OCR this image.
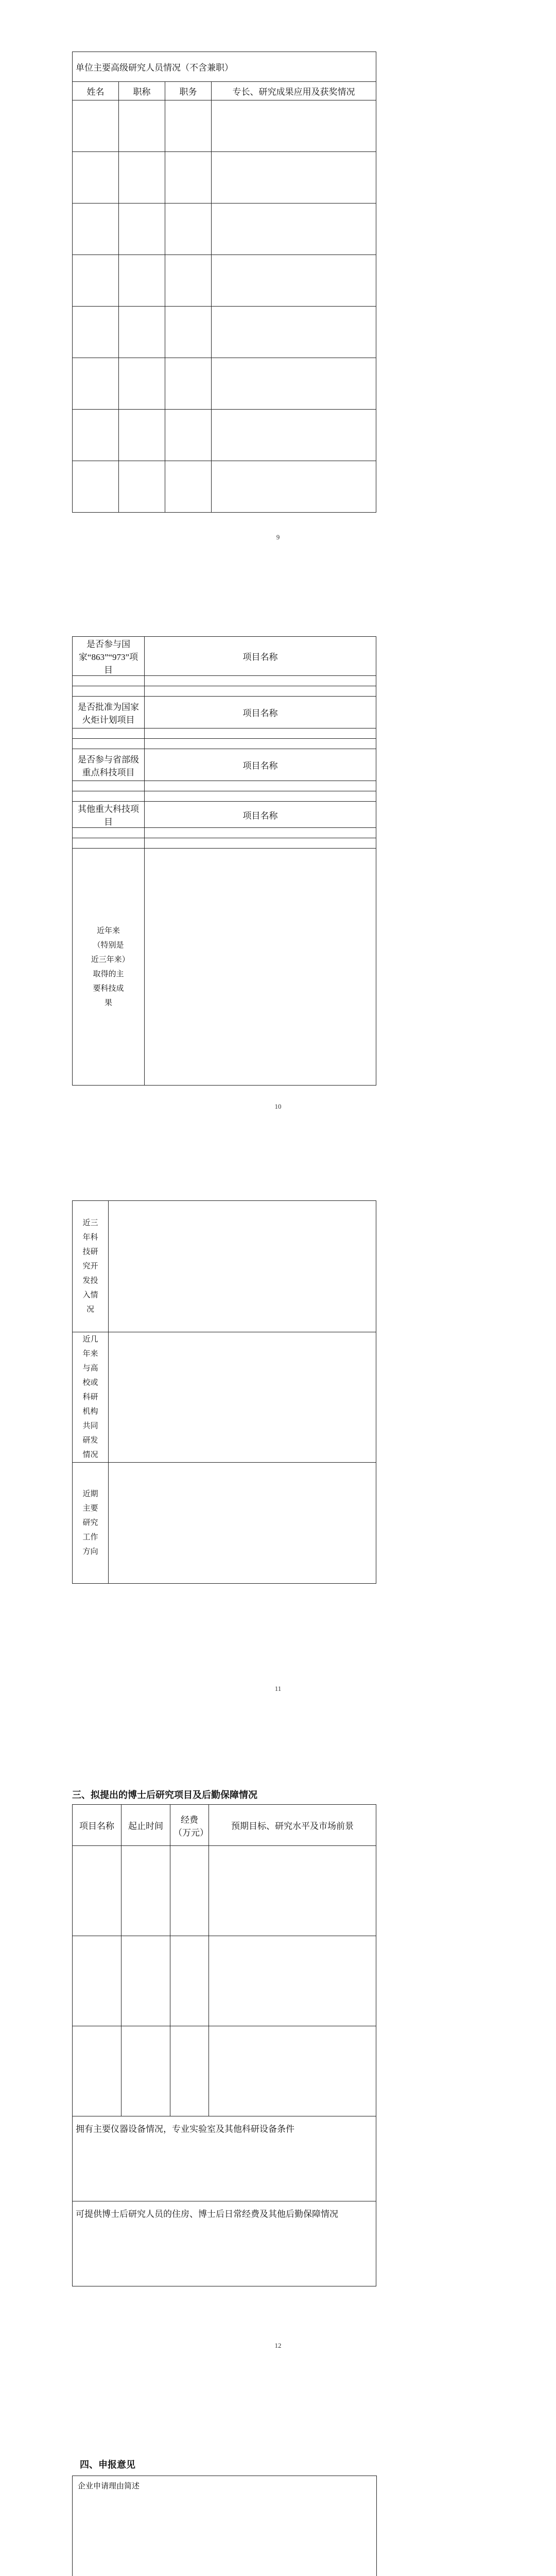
单位主要高级研究人员情况（不含兼职）			
姓名	职称	职务	专长、研究成果应用及获奖情况

9
是否参与国家“863”“973”项目	项目名称

是否批准为国家火炬计划项目	项目名称

是否参与省部级重点科技项目	项目名称

其他重大科技项目	项目名称

近年来（特别是近三年来）取得的主要科技成果	

10
近三年科技研究开发投入情况	

近几年来与高校或科研机构共同研发情况	

近期主要研究工作方向	

11
三、拟提出的博士后研究项目及后勤保障情况
项目名称	起止时间	经费（万元）	预期目标、研究水平及市场前景

拥有主要仪器设备情况，专业实验室及其他科研设备条件			
可提供博士后研究人员的住房、博士后日常经费及其他后勤保障情况			
12
四、申报意见
企业申请理由简述
